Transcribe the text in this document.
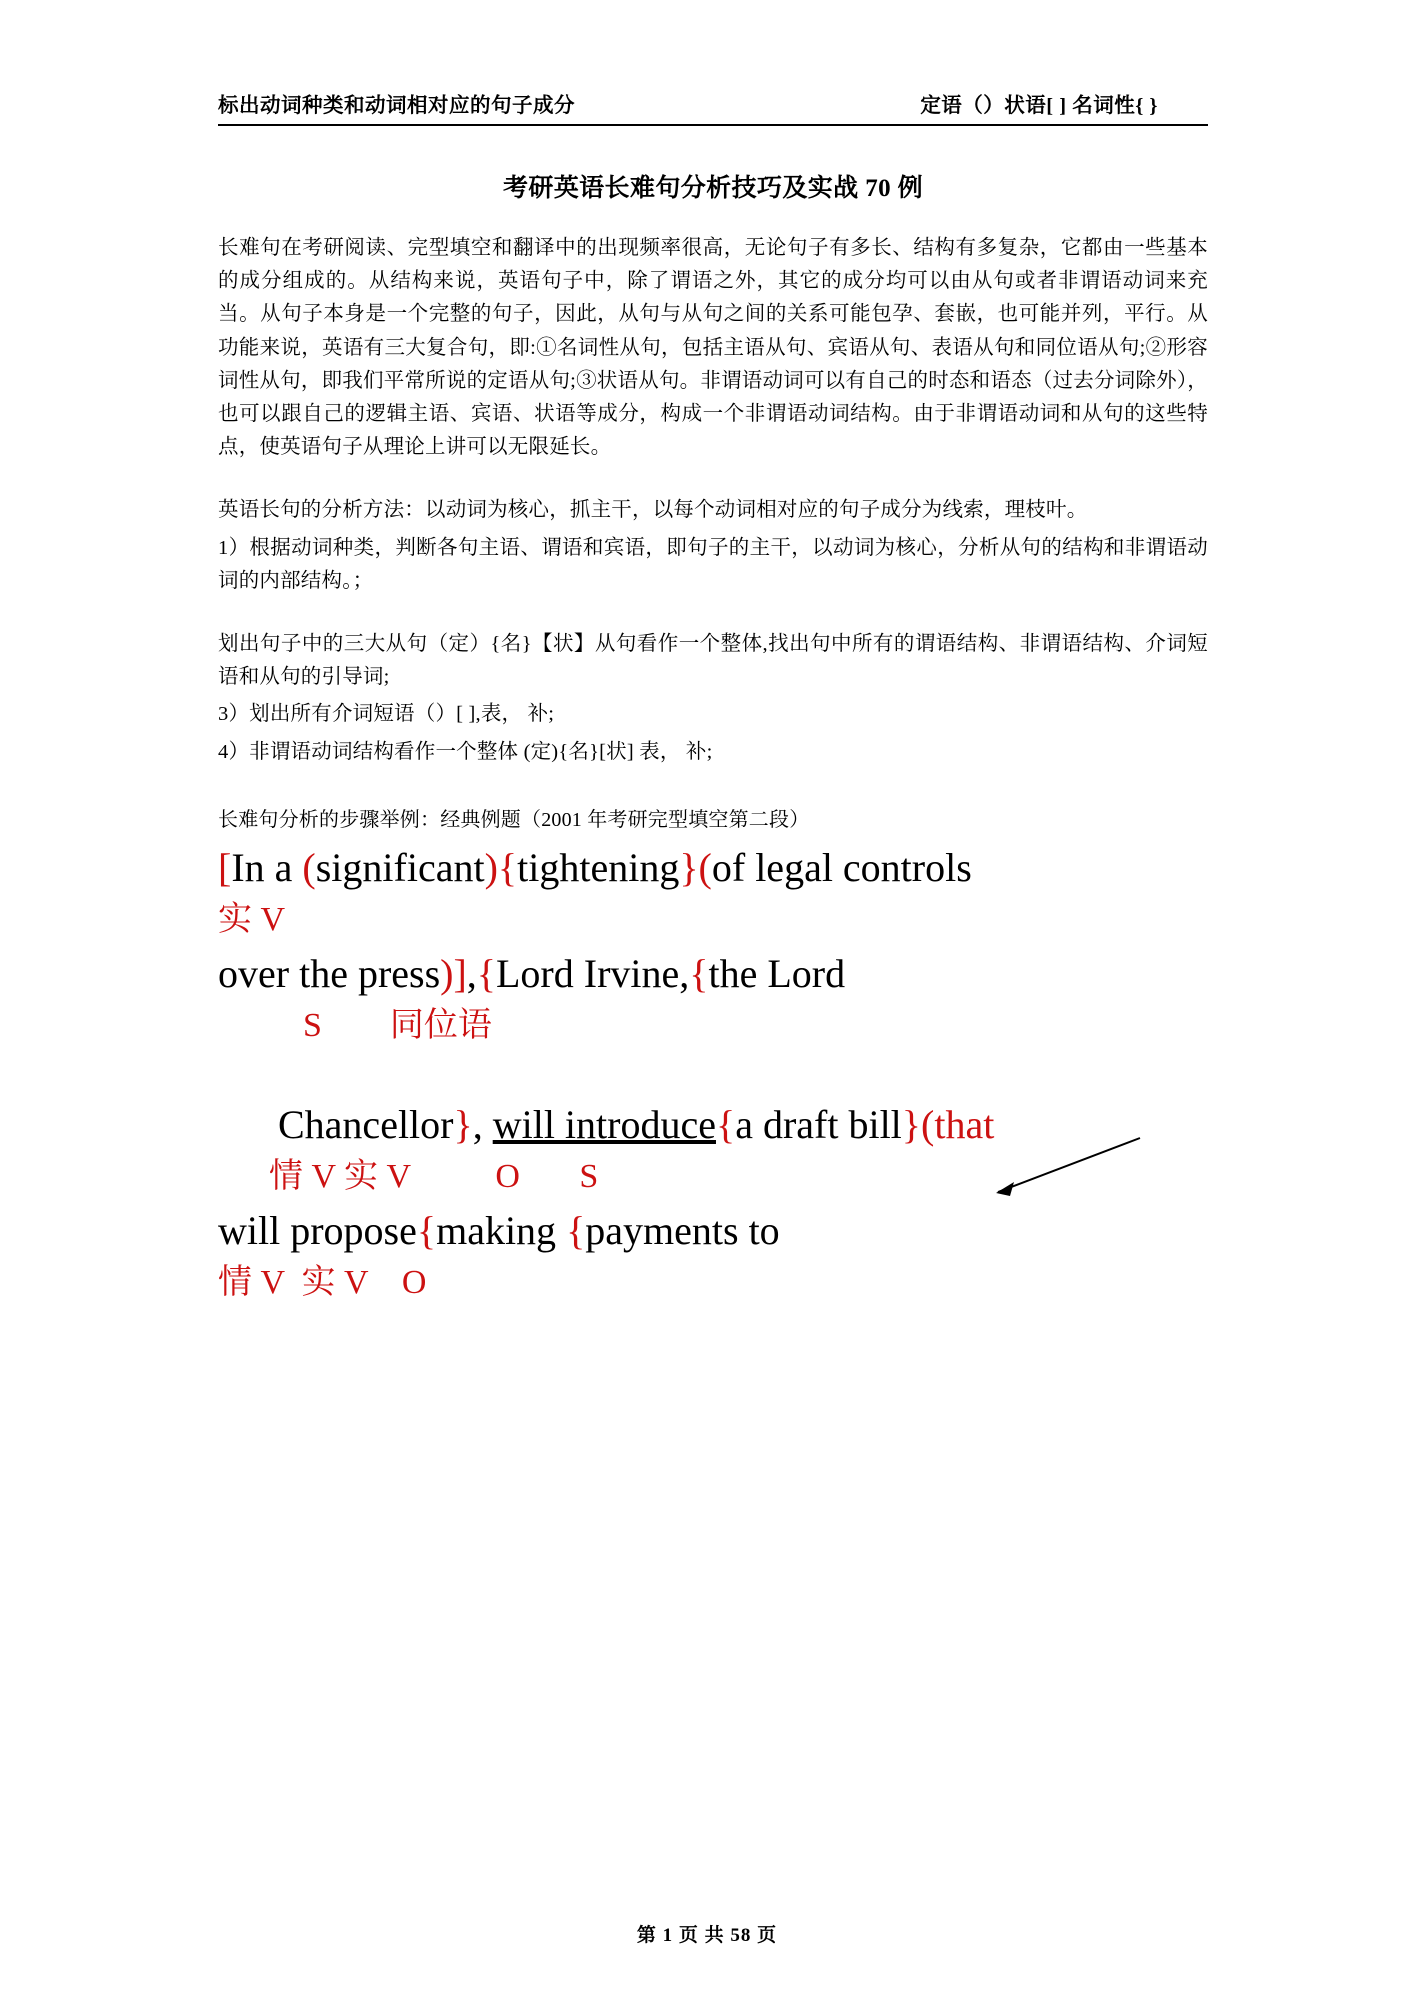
标出动词种类和动词相对应的句子成分	定语（）状语[ ] 名词性{ }
考研英语长难句分析技巧及实战 70 例
长难句在考研阅读、完型填空和翻译中的出现频率很高，无论句子有多长、结构有多复杂，它都由一些基本的成分组成的。从结构来说，英语句子中，除了谓语之外，其它的成分均可以由从句或者非谓语动词来充当。从句子本身是一个完整的句子，因此，从句与从句之间的关系可能包孕、套嵌，也可能并列，平行。从功能来说，英语有三大复合句，即:①名词性从句，包括主语从句、宾语从句、表语从句和同位语从句;②形容词性从句，即我们平常所说的定语从句;③状语从句。非谓语动词可以有自己的时态和语态（过去分词除外），也可以跟自己的逻辑主语、宾语、状语等成分，构成一个非谓语动词结构。由于非谓语动词和从句的这些特点，使英语句子从理论上讲可以无限延长。
英语长句的分析方法：以动词为核心，抓主干，以每个动词相对应的句子成分为线索，理枝叶。
1）根据动词种类，判断各句主语、谓语和宾语，即句子的主干，以动词为核心，分析从句的结构和非谓语动词的内部结构。；
划出句子中的三大从句（定）{名}【状】从句看作一个整体,找出句中所有的谓语结构、非谓语结构、介词短语和从句的引导词;
3）划出所有介词短语（）[ ],表， 补;
4）非谓语动词结构看作一个整体 (定){名}[状] 表， 补;
长难句分析的步骤举例：经典例题（2001 年考研完型填空第二段）
[In a (significant){tightening}(of legal controls
实 V
over the press)],{Lord Irvine,{the Lord
S        同位语

Chancellor}, will introduce{a draft bill}(that
情 V 实 V          O       S
will propose{making {payments to
情 V  实 V    O
第 1 页 共 58 页
